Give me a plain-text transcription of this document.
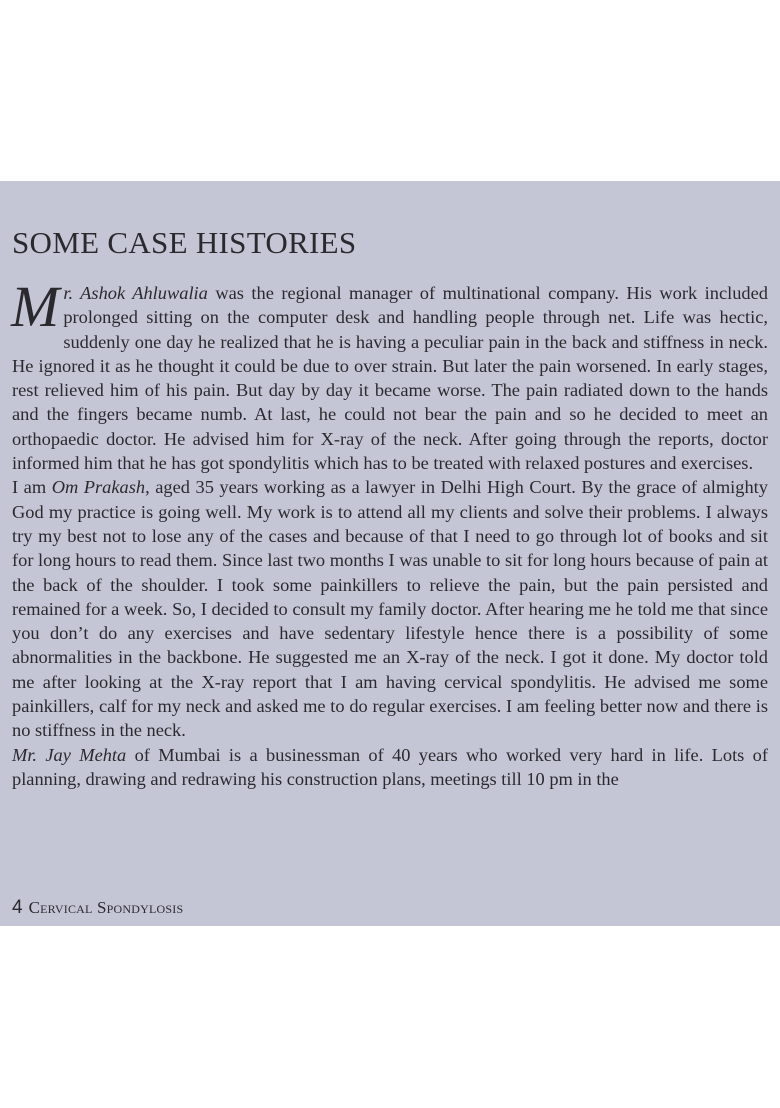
SOME CASE HISTORIES

Mr. Ashok Ahluwalia was the regional manager of multinational company. His work included prolonged sitting on the computer desk and handling people through net. Life was hectic, suddenly one day he realized that he is having a peculiar pain in the back and stiffness in neck. He ignored it as he thought it could be due to over strain. But later the pain worsened. In early stages, rest relieved him of his pain. But day by day it became worse. The pain radiated down to the hands and the fingers became numb. At last, he could not bear the pain and so he decided to meet an orthopaedic doctor. He advised him for X-ray of the neck. After going through the reports, doctor informed him that he has got spondylitis which has to be treated with relaxed postures and exercises.

I am Om Prakash, aged 35 years working as a lawyer in Delhi High Court. By the grace of almighty God my practice is going well. My work is to attend all my clients and solve their problems. I always try my best not to lose any of the cases and because of that I need to go through lot of books and sit for long hours to read them. Since last two months I was unable to sit for long hours because of pain at the back of the shoulder. I took some painkillers to relieve the pain, but the pain persisted and remained for a week. So, I decided to consult my family doctor. After hearing me he told me that since you don’t do any exercises and have sedentary lifestyle hence there is a possibility of some abnormalities in the backbone. He suggested me an X-ray of the neck. I got it done. My doctor told me after looking at the X-ray report that I am having cervical spondylitis. He advised me some painkillers, calf for my neck and asked me to do regular exercises. I am feeling better now and there is no stiffness in the neck.

Mr. Jay Mehta of Mumbai is a businessman of 40 years who worked very hard in life. Lots of planning, drawing and redrawing his construction plans, meetings till 10 pm in the

4 Cervical Spondylosis
